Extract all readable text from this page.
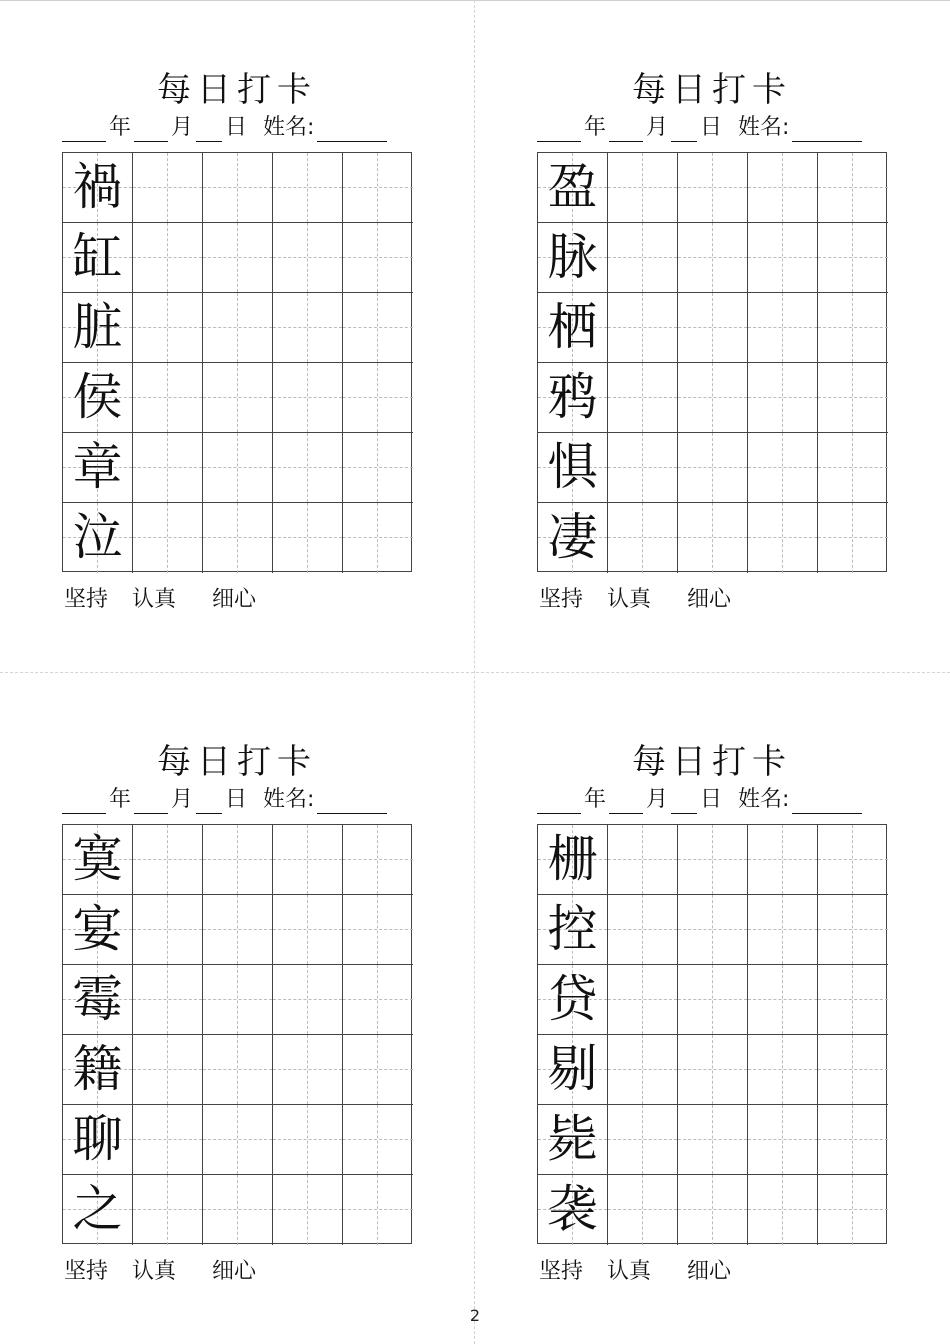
每日打卡
年 月 日 姓名:
禍
缸
脏
侯
章
泣
坚持 认真 细心
每日打卡
年 月 日 姓名:
盈
脉
栖
鸦
惧
凄
坚持 认真 细心
每日打卡
年 月 日 姓名:
寞
宴
霉
籍
聊
之
坚持 认真 细心
每日打卡
年 月 日 姓名:
栅
控
贷
剔
毙
袭
坚持 认真 细心
2
